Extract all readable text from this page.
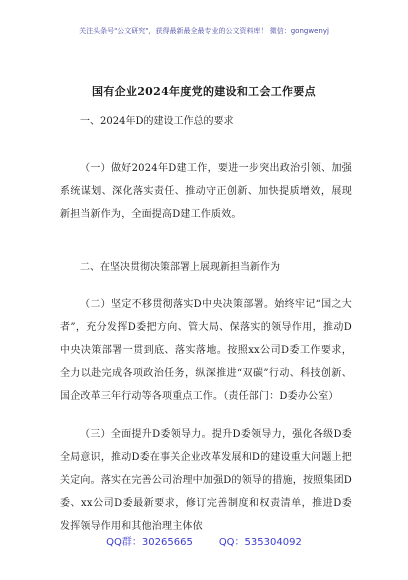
关注头条号"公文研究"，获得最新最全最专业的公文资料库！ 微信：gongwenyj
国有企业2024年度党的建设和工会工作要点

一、2024年D的建设工作总的要求

（一）做好2024年D建工作，要进一步突出政治引领、加强系统谋划、深化落实责任、推动守正创新、加快提质增效，展现新担当新作为，全面提高D建工作质效。

二、在坚决贯彻决策部署上展现新担当新作为

（二）坚定不移贯彻落实D中央决策部署。始终牢记“国之大者”，充分发挥D委把方向、管大局、保落实的领导作用，推动D中央决策部署一贯到底、落实落地。按照xx公司D委工作要求，全力以赴完成各项政治任务，纵深推进“双碳”行动、科技创新、国企改革三年行动等各项重点工作。（责任部门：D委办公室）

（三）全面提升D委领导力。提升D委领导力，强化各级D委全局意识，推动D委在事关企业改革发展和D的建设重大问题上把关定向。落实在完善公司治理中加强D的领导的措施，按照集团D委、xx公司D委最新要求，修订完善制度和权责清单，推进D委发挥领导作用和其他治理主体依

QQ群：30265665	QQ：535304092
